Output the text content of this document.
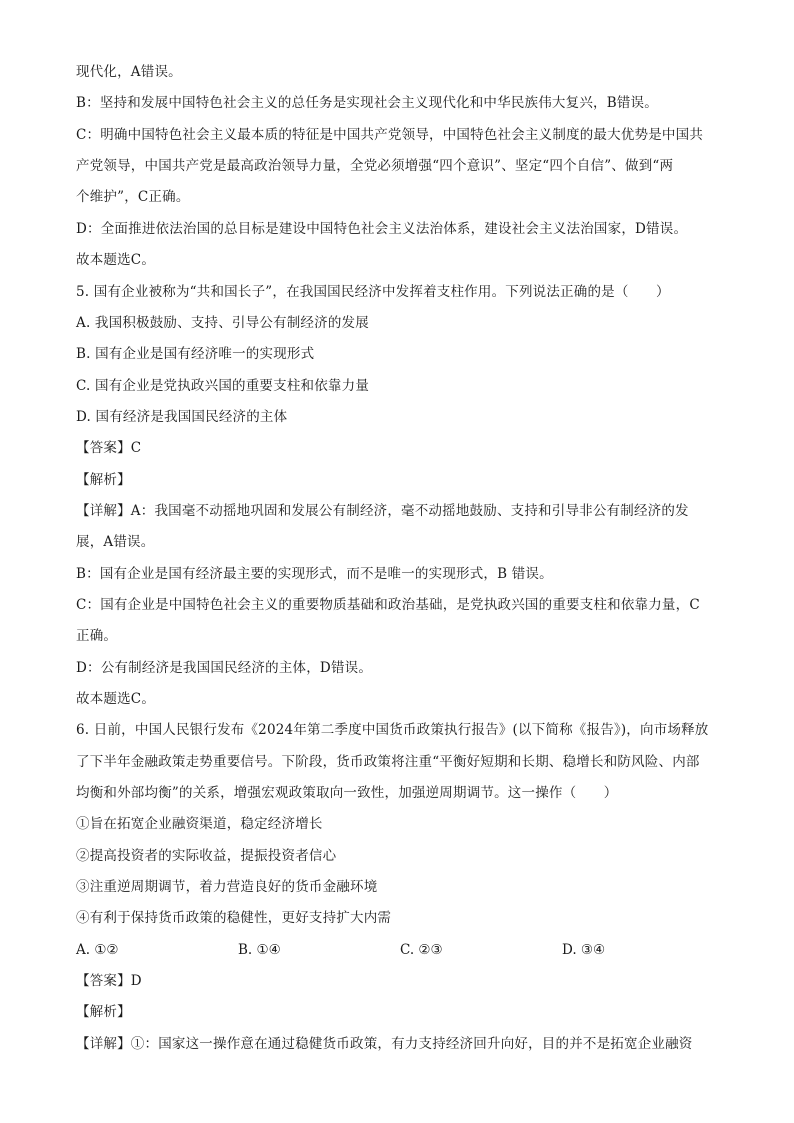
现代化，A错误。
B：坚持和发展中国特色社会主义的总任务是实现社会主义现代化和中华民族伟大复兴，B错误。
C：明确中国特色社会主义最本质的特征是中国共产党领导，中国特色社会主义制度的最大优势是中国共
产党领导，中国共产党是最高政治领导力量，全党必须增强“四个意识”、坚定“四个自信”、做到“两
个维护”，C正确。
D：全面推进依法治国的总目标是建设中国特色社会主义法治体系，建设社会主义法治国家，D错误。
故本题选C。
5. 国有企业被称为“共和国长子”，在我国国民经济中发挥着支柱作用。下列说法正确的是（　　）
A. 我国积极鼓励、支持、引导公有制经济的发展
B. 国有企业是国有经济唯一的实现形式
C. 国有企业是党执政兴国的重要支柱和依靠力量
D. 国有经济是我国国民经济的主体
【答案】C
【解析】
【详解】A：我国毫不动摇地巩固和发展公有制经济，毫不动摇地鼓励、支持和引导非公有制经济的发
展，A错误。
B：国有企业是国有经济最主要的实现形式，而不是唯一的实现形式，B 错误。
C：国有企业是中国特色社会主义的重要物质基础和政治基础，是党执政兴国的重要支柱和依靠力量，C
正确。
D：公有制经济是我国国民经济的主体，D错误。
故本题选C。
6. 日前，中国人民银行发布《2024年第二季度中国货币政策执行报告》(以下简称《报告》)，向市场释放
了下半年金融政策走势重要信号。下阶段，货币政策将注重“平衡好短期和长期、稳增长和防风险、内部
均衡和外部均衡”的关系，增强宏观政策取向一致性，加强逆周期调节。这一操作（　　）
①旨在拓宽企业融资渠道，稳定经济增长
②提高投资者的实际收益，提振投资者信心
③注重逆周期调节，着力营造良好的货币金融环境
④有利于保持货币政策的稳健性，更好支持扩大内需
A. ①②	B. ①④	C. ②③	D. ③④
【答案】D
【解析】
【详解】①：国家这一操作意在通过稳健货币政策，有力支持经济回升向好，目的并不是拓宽企业融资
